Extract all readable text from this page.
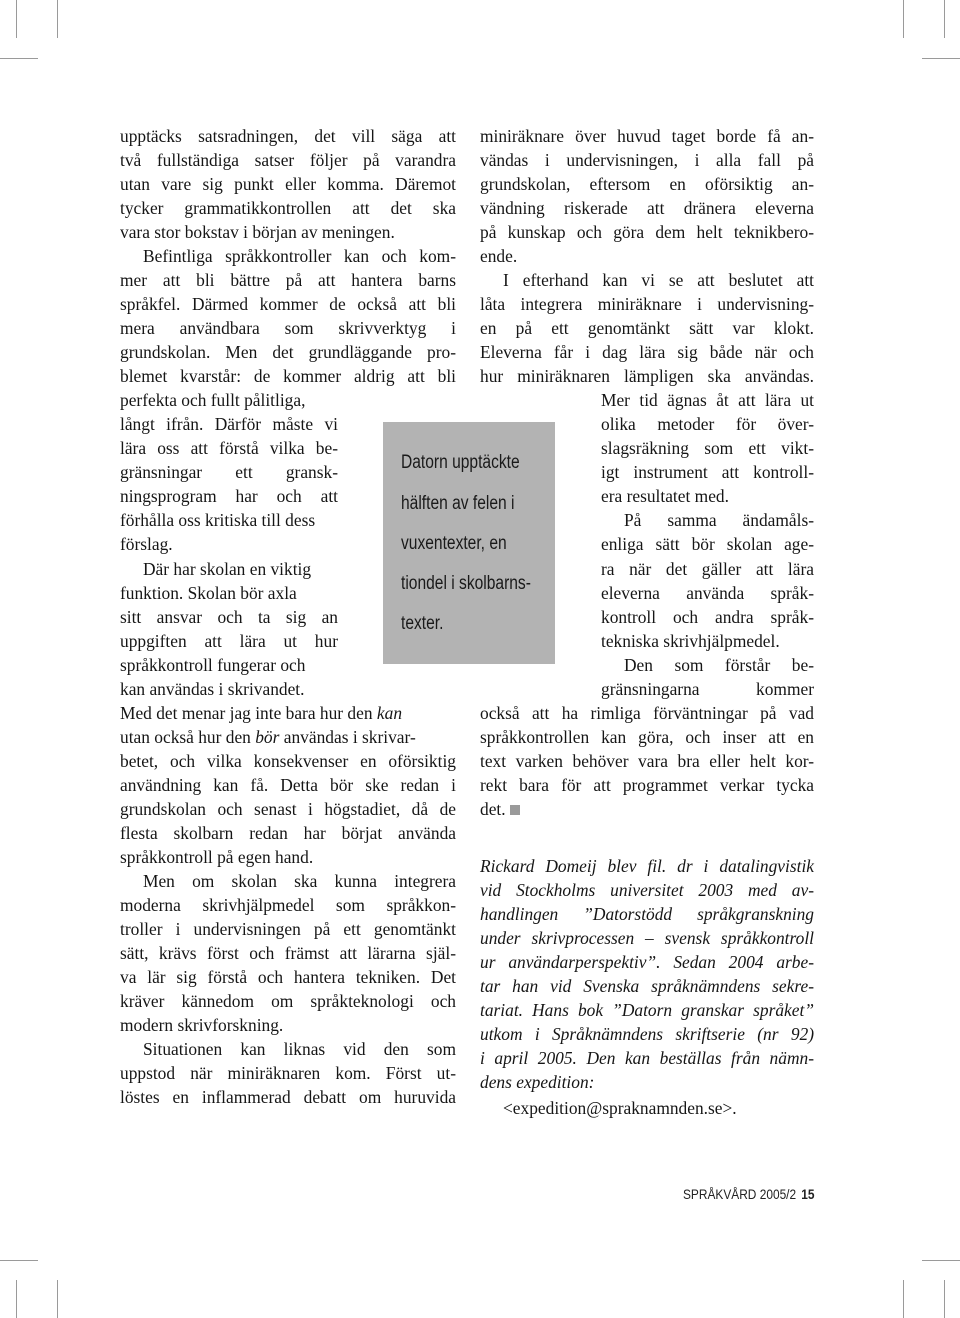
upptäcks satsradningen, det vill säga att
två fullständiga satser följer på varandra
utan vare sig punkt eller komma. Däremot
tycker grammatikkontrollen att det ska
vara stor bokstav i början av meningen.
Befintliga språkkontroller kan och kom-
mer att bli bättre på att hantera barns
språkfel. Därmed kommer de också att bli
mera användbara som skrivverktyg i
grundskolan. Men det grundläggande pro-
blemet kvarstår: de kommer aldrig att bli
perfekta och fullt pålitliga,
långt ifrån. Därför måste vi
lära oss att förstå vilka be-
gränsningar ett gransk-
ningsprogram har och att
förhålla oss kritiska till dess
förslag.
Där har skolan en viktig
funktion. Skolan bör axla
sitt ansvar och ta sig an
uppgiften att lära ut hur
språkkontroll fungerar och
kan användas i skrivandet.
Med det menar jag inte bara hur den kan
utan också hur den bör användas i skrivar-
betet, och vilka konsekvenser en oförsiktig
användning kan få. Detta bör ske redan i
grundskolan och senast i högstadiet, då de
flesta skolbarn redan har börjat använda
språkkontroll på egen hand.
Men om skolan ska kunna integrera
moderna skrivhjälpmedel som språkkon-
troller i undervisningen på ett genomtänkt
sätt, krävs först och främst att lärarna själ-
va lär sig förstå och hantera tekniken. Det
kräver kännedom om språkteknologi och
modern skrivforskning.
Situationen kan liknas vid den som
uppstod när miniräknaren kom. Först ut-
löstes en inflammerad debatt om huruvida
Datorn upptäckte
hälften av felen i
vuxentexter, en
tiondel i skolbarns-
texter.
miniräknare över huvud taget borde få an-
vändas i undervisningen, i alla fall på
grundskolan, eftersom en oförsiktig an-
vändning riskerade att dränera eleverna
på kunskap och göra dem helt teknikbero-
ende.
I efterhand kan vi se att beslutet att
låta integrera miniräknare i undervisning-
en på ett genomtänkt sätt var klokt.
Eleverna får i dag lära sig både när och
hur miniräknaren lämpligen ska användas.
Mer tid ägnas åt att lära ut
olika metoder för över-
slagsräkning som ett vikt-
igt instrument att kontroll-
era resultatet med.
På samma ändamåls-
enliga sätt bör skolan age-
ra när det gäller att lära
eleverna använda språk-
kontroll och andra språk-
tekniska skrivhjälpmedel.
Den som förstår be-
gränsningarna kommer
också att ha rimliga förväntningar på vad
språkkontrollen kan göra, och inser att en
text varken behöver vara bra eller helt kor-
rekt bara för att programmet verkar tycka
det.
Rickard Domeij blev fil. dr i datalingvistik
vid Stockholms universitet 2003 med av-
handlingen ”Datorstödd språkgranskning
under skrivprocessen – svensk språkkontroll
ur användarperspektiv”. Sedan 2004 arbe-
tar han vid Svenska språknämndens sekre-
tariat. Hans bok ”Datorn granskar språket”
utkom i Språknämndens skriftserie (nr 92)
i april 2005. Den kan beställas från nämn-
dens expedition:
<expedition@spraknamnden.se>.
SPRÅKVÅRD 2005/2 15
